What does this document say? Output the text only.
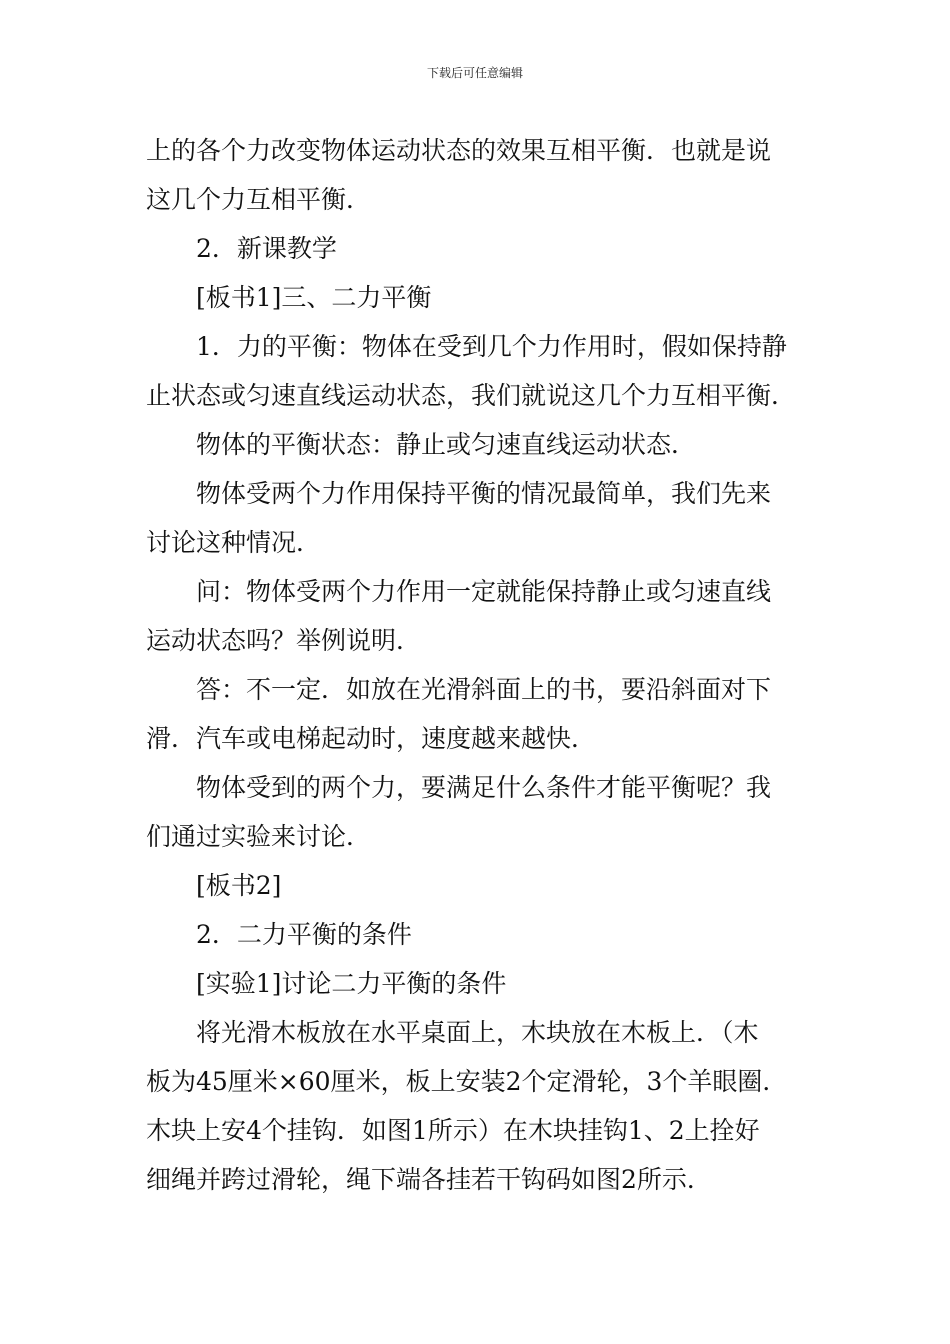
下载后可任意编辑
上的各个力改变物体运动状态的效果互相平衡．也就是说
这几个力互相平衡．
2．新课教学
[板书1]三、二力平衡
1．力的平衡：物体在受到几个力作用时，假如保持静
止状态或匀速直线运动状态，我们就说这几个力互相平衡．
物体的平衡状态：静止或匀速直线运动状态．
物体受两个力作用保持平衡的情况最简单，我们先来
讨论这种情况．
问：物体受两个力作用一定就能保持静止或匀速直线
运动状态吗？举例说明．
答：不一定．如放在光滑斜面上的书，要沿斜面对下
滑．汽车或电梯起动时，速度越来越快．
物体受到的两个力，要满足什么条件才能平衡呢？我
们通过实验来讨论．
[板书2]
2．二力平衡的条件
[实验1]讨论二力平衡的条件
将光滑木板放在水平桌面上，木块放在木板上．（木
板为45厘米×60厘米，板上安装2个定滑轮，3个羊眼圈．
木块上安4个挂钩．如图1所示）在木块挂钩1、2上拴好
细绳并跨过滑轮，绳下端各挂若干钩码如图2所示．
